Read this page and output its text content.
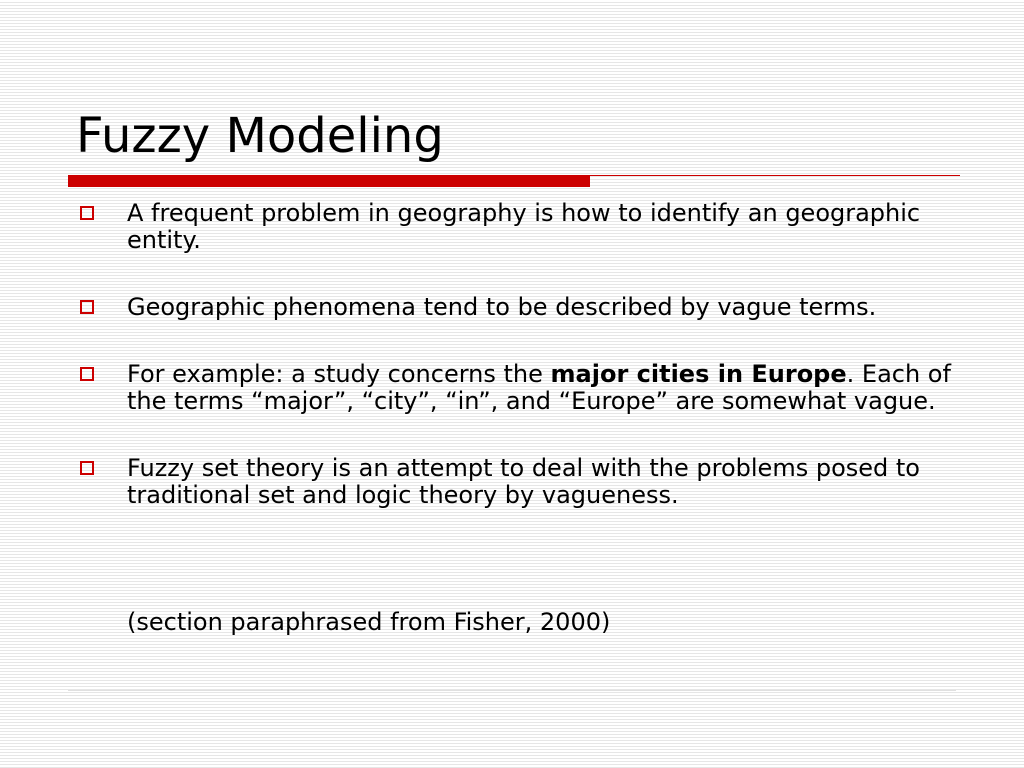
Fuzzy Modeling
A frequent problem in geography is how to identify an geographic entity.
Geographic phenomena tend to be described by vague terms.
For example: a study concerns the major cities in Europe. Each of the terms “major”, “city”, “in”, and “Europe” are somewhat vague.
Fuzzy set theory is an attempt to deal with the problems posed to traditional set and logic theory by vagueness.
(section paraphrased from Fisher, 2000)
